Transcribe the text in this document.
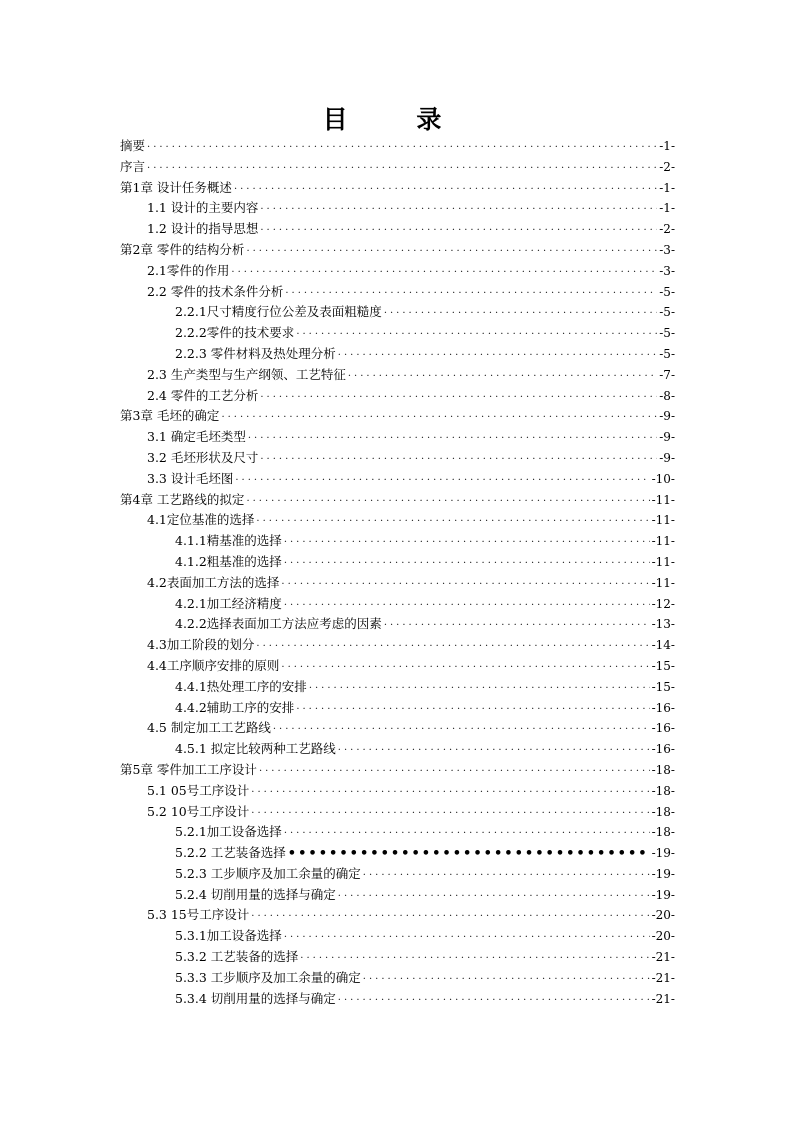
目 录
摘要 ·····	-1-
序言 ·····	-2-
第1章 设计任务概述 ·····	-1-
1.1 设计的主要内容 ·····	-1-
1.2 设计的指导思想 ·····	-2-
第2章 零件的结构分析 ·····	-3-
2.1零件的作用 ·····	-3-
2.2 零件的技术条件分析 ·····	-5-
2.2.1尺寸精度行位公差及表面粗糙度 ·····	-5-
2.2.2零件的技术要求 ·····	-5-
2.2.3 零件材料及热处理分析 ·····	-5-
2.3 生产类型与生产纲领、工艺特征 ·····	-7-
2.4 零件的工艺分析 ·····	-8-
第3章 毛坯的确定 ·····	-9-
3.1 确定毛坯类型 ·····	-9-
3.2 毛坯形状及尺寸 ·····	-9-
3.3 设计毛坯图 ·····	-10-
第4章 工艺路线的拟定 ·····	-11-
4.1定位基准的选择 ·····	-11-
4.1.1精基准的选择 ·····	-11-
4.1.2粗基准的选择 ·····	-11-
4.2表面加工方法的选择 ·····	-11-
4.2.1加工经济精度 ·····	-12-
4.2.2选择表面加工方法应考虑的因素 ·····	-13-
4.3加工阶段的划分 ·····	-14-
4.4工序顺序安排的原则 ·····	-15-
4.4.1热处理工序的安排 ·····	-15-
4.4.2辅助工序的安排 ·····	-16-
4.5 制定加工工艺路线 ·····	-16-
4.5.1 拟定比较两种工艺路线 ·····	-16-
第5章 零件加工工序设计 ·····	-18-
5.1 05号工序设计 ·····	-18-
5.2 10号工序设计 ·····	-18-
5.2.1加工设备选择 ·····	-18-
5.2.2 工艺装备选择 •••••	-19-
5.2.3 工步顺序及加工余量的确定 ·····	-19-
5.2.4 切削用量的选择与确定 ·····	-19-
5.3 15号工序设计 ·····	-20-
5.3.1加工设备选择 ·····	-20-
5.3.2 工艺装备的选择 ·····	-21-
5.3.3 工步顺序及加工余量的确定 ·····	-21-
5.3.4 切削用量的选择与确定 ·····	-21-
